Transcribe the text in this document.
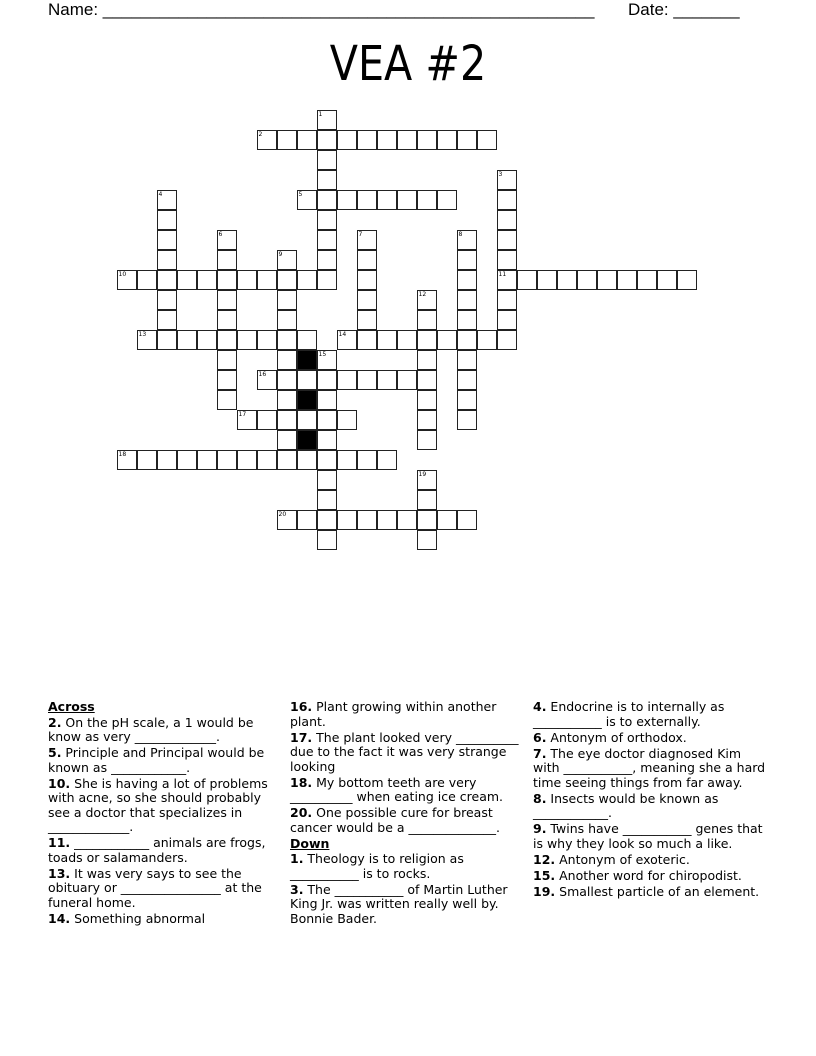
Name: ____________________________________________________ Date: _______
VEA #2
2
5
10	11
13	14
16
17
18
20
1
3
4
6	7	8
9
12
15
19
Across
2. On the pH scale, a 1 would be know as very _____________.
5. Principle and Principal would be known as ____________.
10. She is having a lot of problems with acne, so she should probably see a doctor that specializes in _____________.
11. ____________ animals are frogs, toads or salamanders.
13. It was very says to see the obituary or ________________ at the funeral home.
14. Something abnormal
16. Plant growing within another plant.
17. The plant looked very __________ due to the fact it was very strange looking
18. My bottom teeth are very __________ when eating ice cream.
20. One possible cure for breast cancer would be a ______________.
Down
1. Theology is to religion as ___________ is to rocks.
3. The ___________ of Martin Luther King Jr. was written really well by. Bonnie Bader.
4. Endocrine is to internally as ___________ is to externally.
6. Antonym of orthodox.
7. The eye doctor diagnosed Kim with ___________, meaning she a hard time seeing things from far away.
8. Insects would be known as ____________.
9. Twins have ___________ genes that is why they look so much a like.
12. Antonym of exoteric.
15. Another word for chiropodist.
19. Smallest particle of an element.
